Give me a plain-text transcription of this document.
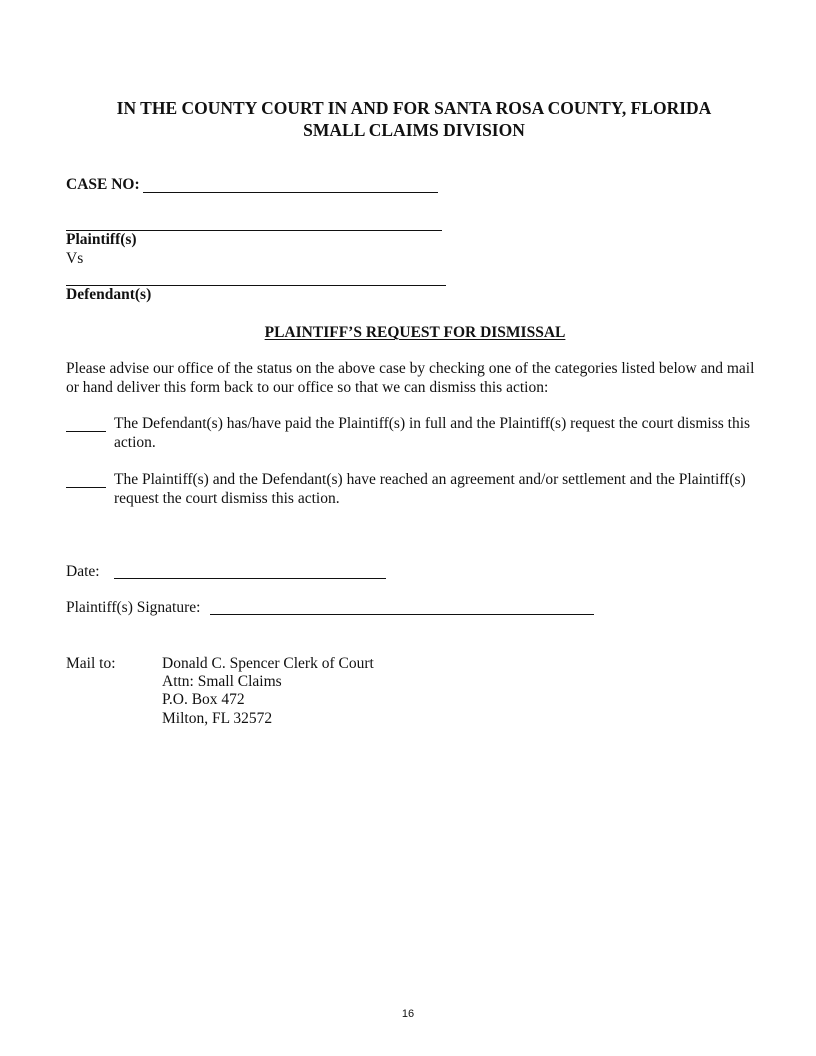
IN THE COUNTY COURT IN AND FOR SANTA ROSA COUNTY, FLORIDA
SMALL CLAIMS DIVISION
CASE NO:
Plaintiff(s)
Vs
Defendant(s)
PLAINTIFF’S REQUEST FOR DISMISSAL
Please advise our office of the status on the above case by checking one of the categories listed below and mail or hand deliver this form back to our office so that we can dismiss this action:
The Defendant(s) has/have paid the Plaintiff(s) in full and the Plaintiff(s) request the court dismiss this action.
The Plaintiff(s) and the Defendant(s) have reached an agreement and/or settlement and the Plaintiff(s) request the court dismiss this action.
Date:
Plaintiff(s) Signature:
Mail to:	Donald C. Spencer Clerk of Court
Attn: Small Claims
P.O. Box 472
Milton, FL 32572
16
